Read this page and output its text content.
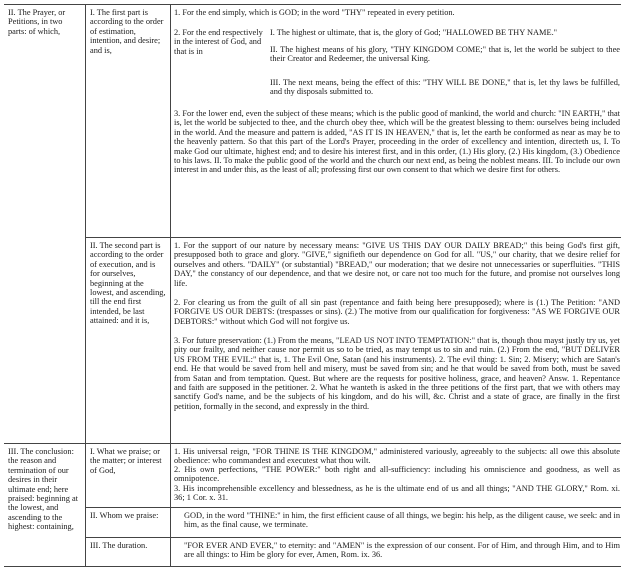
II. The Prayer, or Petitions, in two parts: of which,
III. The conclusion: the reason and termination of our desires in their ultimate end; here praised: beginning at the lowest, and ascending to the highest: containing,
I. The first part is according to the order of estimation, intention, and desire; and is,
II. The second part is according to the order of execution, and is for ourselves, beginning at the lowest, and ascending, till the end first intended, be last attained: and it is,
I. What we praise; or the matter; or interest of God,
II. Whom we praise:
III. The duration.
1. For the end simply, which is GOD; in the word "THY" repeated in every petition.
2. For the end respectively in the interest of God, and that is in
I. The highest or ultimate, that is, the glory of God; "HALLOWED BE THY NAME."
II. The highest means of his glory, "THY KINGDOM COME;" that is, let the world be subject to thee their Creator and Redeemer, the universal King.
III. The next means, being the effect of this: "THY WILL BE DONE," that is, let thy laws be fulfilled, and thy disposals submitted to.
3. For the lower end, even the subject of these means; which is the public good of mankind, the world and church: "IN EARTH," that is, let the world be subjected to thee, and the church obey thee, which will be the greatest blessing to them: ourselves being included in the world. And the measure and pattern is added, "AS IT IS IN HEAVEN," that is, let the earth be conformed as near as may be to the heavenly pattern. So that this part of the Lord's Prayer, proceeding in the order of excellency and intention, directeth us, I. To make God our ultimate, highest end; and to desire his interest first, and in this order, (1.) His glory, (2.) His kingdom, (3.) Obedience to his laws. II. To make the public good of the world and the church our next end, as being the noblest means. III. To include our own interest in and under this, as the least of all; professing first our own consent to that which we desire first for others.
1. For the support of our nature by necessary means: "GIVE US THIS DAY OUR DAILY BREAD;" this being God's first gift, presupposed both to grace and glory. "GIVE," signifieth our dependence on God for all. "US," our charity, that we desire relief for ourselves and others. "DAILY" (or substantial) "BREAD," our moderation; that we desire not unnecessaries or superfluities. "THIS DAY," the constancy of our dependence, and that we desire not, or care not too much for the future, and promise not ourselves long life.
2. For clearing us from the guilt of all sin past (repentance and faith being here presupposed); where is (1.) The Petition: "AND FORGIVE US OUR DEBTS: (trespasses or sins). (2.) The motive from our qualification for forgiveness: "AS WE FORGIVE OUR DEBTORS:" without which God will not forgive us.
3. For future preservation: (1.) From the means, "LEAD US NOT INTO TEMPTATION:" that is, though thou mayst justly try us, yet pity our frailty, and neither cause nor permit us so to be tried, as may tempt us to sin and ruin. (2.) From the end, "BUT DELIVER US FROM THE EVIL:" that is, 1. The Evil One, Satan (and his instruments). 2. The evil thing: 1. Sin; 2. Misery; which are Satan's end. He that would be saved from hell and misery, must be saved from sin; and he that would be saved from both, must be saved from Satan and from temptation. Quest. But where are the requests for positive holiness, grace, and heaven? Answ. 1. Repentance and faith are supposed in the petitioner. 2. What he wanteth is asked in the three petitions of the first part, that we with others may sanctify God's name, and be the subjects of his kingdom, and do his will, &c. Christ and a state of grace, are finally in the first petition, formally in the second, and expressly in the third.
1. His universal reign, "FOR THINE IS THE KINGDOM," administered variously, agreeably to the subjects: all owe this absolute obedience: who commandest and executest what thou wilt.
2. His own perfections, "THE POWER:" both right and all-sufficiency: including his omniscience and goodness, as well as omnipotence.
3. His incomprehensible excellency and blessedness, as he is the ultimate end of us and all things; "AND THE GLORY," Rom. xi. 36; 1 Cor. x. 31.
GOD, in the word "THINE:" in him, the first efficient cause of all things, we begin: his help, as the diligent cause, we seek: and in him, as the final cause, we terminate.
"FOR EVER AND EVER," to eternity: and "AMEN" is the expression of our consent. For of Him, and through Him, and to Him are all things: to Him be glory for ever, Amen, Rom. ix. 36.
